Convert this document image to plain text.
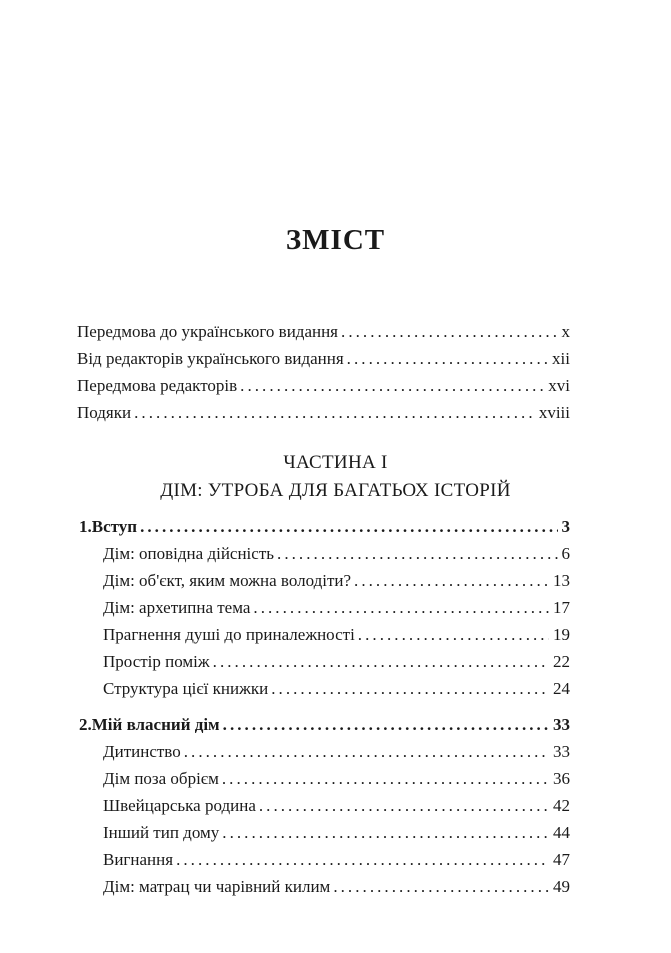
ЗМІСТ
Передмова до українського видання . . .	x
Від редакторів українського видання . . .	xii
Передмова редакторів . . .	xvi
Подяки . . .	xviii
ЧАСТИНА І
ДІМ: УТРОБА ДЛЯ БАГАТЬОХ ІСТОРІЙ
1. Вступ . . .	3
Дім: оповідна дійсність . . .	6
Дім: об'єкт, яким можна володіти? . . .	13
Дім: архетипна тема . . .	17
Прагнення душі до приналежності . . .	19
Простір поміж . . .	22
Структура цієї книжки . . .	24
2. Мій власний дім . . .	33
Дитинство . . .	33
Дім поза обрієм . . .	36
Швейцарська родина . . .	42
Інший тип дому . . .	44
Вигнання . . .	47
Дім: матрац чи чарівний килим . . .	49
